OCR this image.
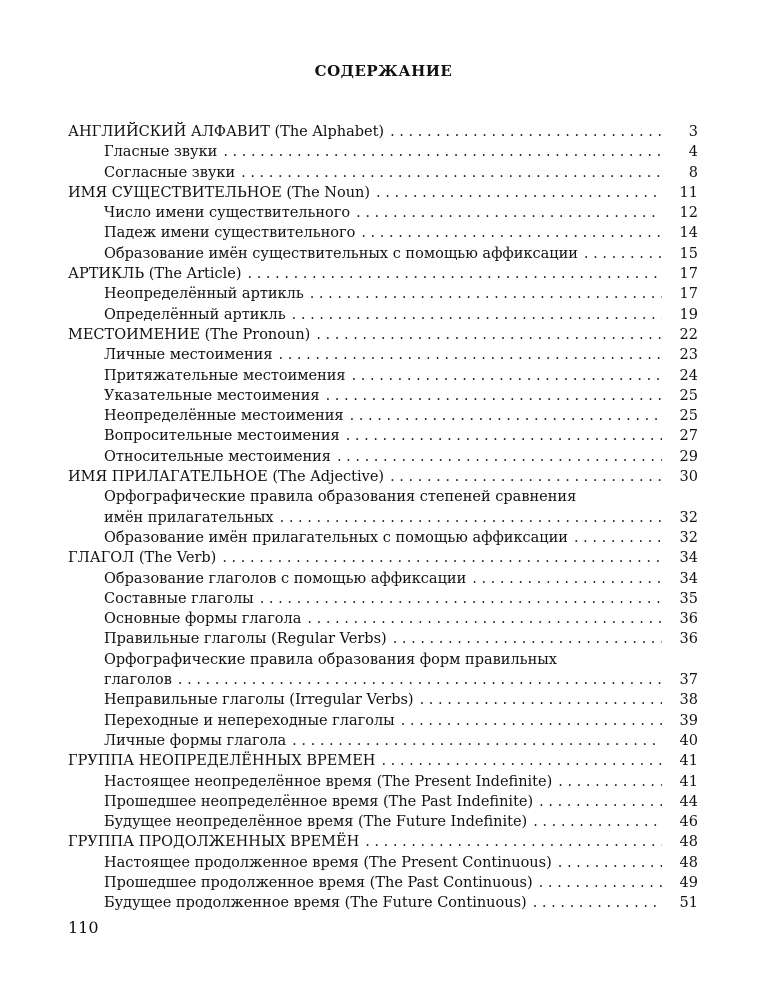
СОДЕРЖАНИЕ
АНГЛИЙСКИЙ АЛФАВИТ (The Alphabet) . . .	3
Гласные звуки . . .	4
Согласные звуки . . .	8
ИМЯ СУЩЕСТВИТЕЛЬНОЕ (The Noun) . . .	11
Число имени существительного . . .	12
Падеж имени существительного . . .	14
Образование имён существительных с помощью аффиксации . . .	15
АРТИКЛЬ (The Article) . . .	17
Неопределённый артикль . . .	17
Определённый артикль . . .	19
МЕСТОИМЕНИЕ (The Pronoun) . . .	22
Личные местоимения . . .	23
Притяжательные местоимения . . .	24
Указательные местоимения . . .	25
Неопределённые местоимения . . .	25
Вопросительные местоимения . . .	27
Относительные местоимения . . .	29
ИМЯ ПРИЛАГАТЕЛЬНОЕ (The Adjective) . . .	30
Орфографические правила образования степеней сравнения
имён прилагательных . . .	32
Образование имён прилагательных с помощью аффиксации . . .	32
ГЛАГОЛ (The Verb) . . .	34
Образование глаголов с помощью аффиксации . . .	34
Составные глаголы . . .	35
Основные формы глагола . . .	36
Правильные глаголы (Regular Verbs) . . .	36
Орфографические правила образования форм правильных
глаголов . . .	37
Неправильные глаголы (Irregular Verbs) . . .	38
Переходные и непереходные глаголы . . .	39
Личные формы глагола . . .	40
ГРУППА НЕОПРЕДЕЛЁННЫХ ВРЕМЕН . . .	41
Настоящее неопределённое время (The Present Indefinite) . . .	41
Прошедшее неопределённое время (The Past Indefinite) . . .	44
Будущее неопределённое время (The Future Indefinite) . . .	46
ГРУППА ПРОДОЛЖЕННЫХ ВРЕМЁН . . .	48
Настоящее продолженное время (The Present Continuous) . . .	48
Прошедшее продолженное время (The Past Continuous) . . .	49
Будущее продолженное время (The Future Continuous) . . .	51
110
